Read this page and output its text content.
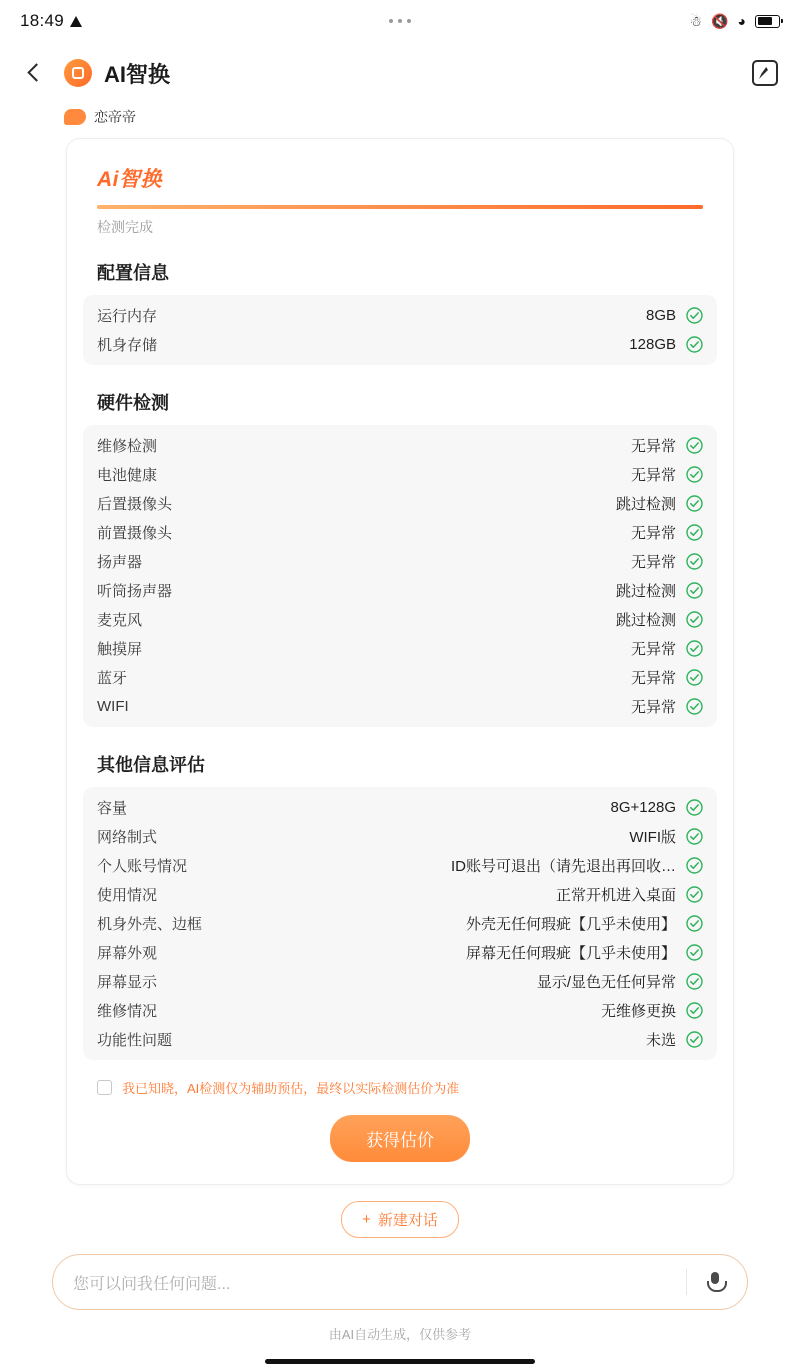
18:49	☃ 🔇 ◕
AI智换
恋帝帝
Ai智换
检测完成
配置信息
运行内存	8GB
机身存储	128GB
硬件检测
维修检测	无异常
电池健康	无异常
后置摄像头	跳过检测
前置摄像头	无异常
扬声器	无异常
听筒扬声器	跳过检测
麦克风	跳过检测
触摸屏	无异常
蓝牙	无异常
WIFI	无异常
其他信息评估
容量	8G+128G
网络制式	WIFI版
个人账号情况	ID账号可退出（请先退出再回收…
使用情况	正常开机进入桌面
机身外壳、边框	外壳无任何瑕疵【几乎未使用】
屏幕外观	屏幕无任何瑕疵【几乎未使用】
屏幕显示	显示/显色无任何异常
维修情况	无维修更换
功能性问题	未选
我已知晓，AI检测仅为辅助预估，最终以实际检测估价为准
获得估价
+ 新建对话
您可以问我任何问题...
由AI自动生成，仅供参考
